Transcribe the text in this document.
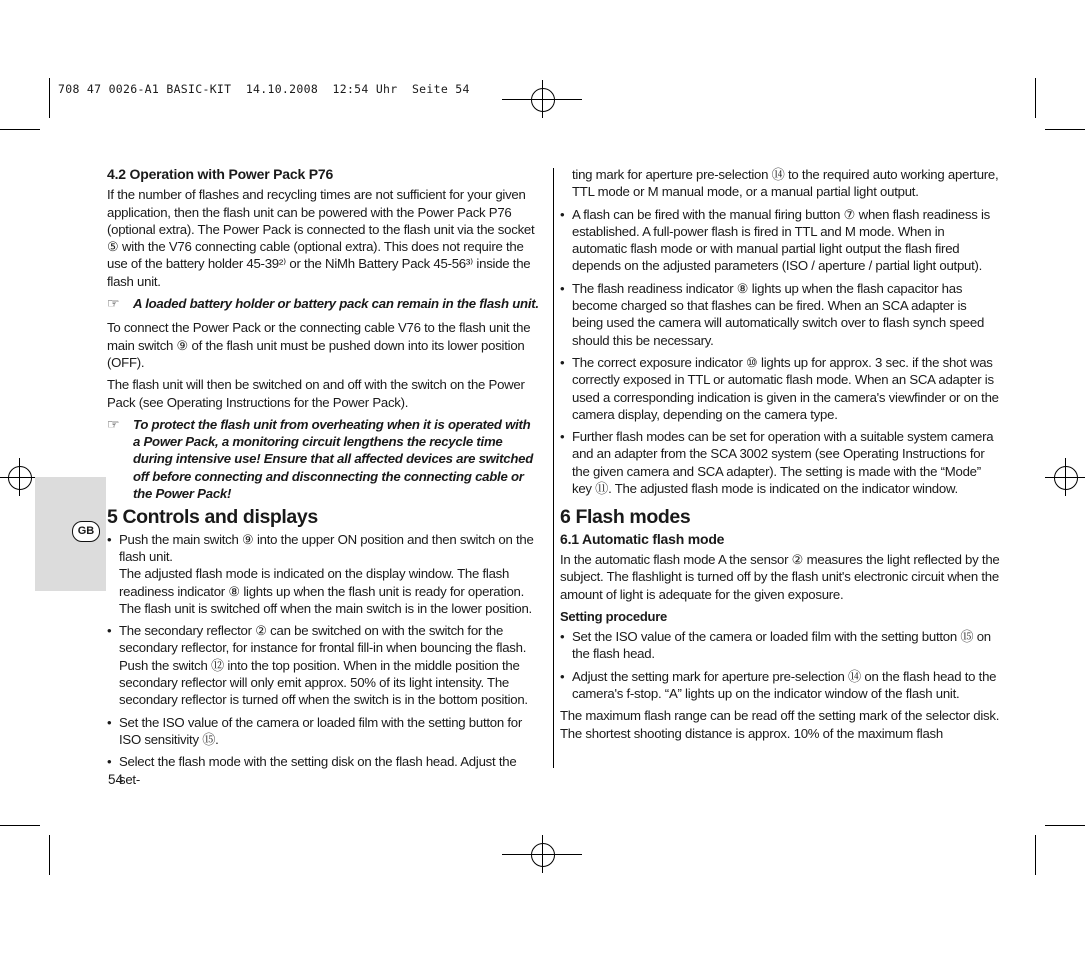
708 47 0026-A1 BASIC-KIT  14.10.2008  12:54 Uhr  Seite 54
GB
4.2 Operation with Power Pack P76

If the number of flashes and recycling times are not sufficient for your given application, then the flash unit can be powered with the Power Pack P76 (optional extra). The Power Pack is connected to the flash unit via the socket ⑤ with the V76 connecting cable (optional extra). This does not require the use of the battery holder 45-39²⁾ or the NiMh Battery Pack 45-56³⁾ inside the flash unit.

☞ A loaded battery holder or battery pack can remain in the flash unit.

To connect the Power Pack or the connecting cable V76 to the flash unit the main switch ⑨ of the flash unit must be pushed down into its lower position (OFF).

The flash unit will then be switched on and off with the switch on the Power Pack (see Operating Instructions for the Power Pack).

☞ To protect the flash unit from overheating when it is operated with a Power Pack, a monitoring circuit lengthens the recycle time during intensive use! Ensure that all affected devices are switched off before connecting and disconnecting the connecting cable or the Power Pack!
5 Controls and displays
• Push the main switch ⑨ into the upper ON position and then switch on the flash unit.
The adjusted flash mode is indicated on the display window. The flash readiness indicator ⑧ lights up when the flash unit is ready for operation. The flash unit is switched off when the main switch is in the lower position.
• The secondary reflector ② can be switched on with the switch for the secondary reflector, for instance for frontal fill-in when bouncing the flash. Push the switch ⑫ into the top position. When in the middle position the secondary reflector will only emit approx. 50% of its light intensity. The secondary reflector is turned off when the switch is in the bottom position.
• Set the ISO value of the camera or loaded film with the setting button for ISO sensitivity ⑮.
• Select the flash mode with the setting disk on the flash head. Adjust the set-
ting mark for aperture pre-selection ⑭ to the required auto working aperture, TTL mode or M manual mode, or a manual partial light output.
• A flash can be fired with the manual firing button ⑦ when flash readiness is established. A full-power flash is fired in TTL and M mode. When in automatic flash mode or with manual partial light output the flash fired depends on the adjusted parameters (ISO / aperture / partial light output).
• The flash readiness indicator ⑧ lights up when the flash capacitor has become charged so that flashes can be fired. When an SCA adapter is being used the camera will automatically switch over to flash synch speed should this be necessary.
• The correct exposure indicator ⑩ lights up for approx. 3 sec. if the shot was correctly exposed in TTL or automatic flash mode. When an SCA adapter is used a corresponding indication is given in the camera's viewfinder or on the camera display, depending on the camera type.
• Further flash modes can be set for operation with a suitable system camera and an adapter from the SCA 3002 system (see Operating Instructions for the given camera and SCA adapter). The setting is made with the “Mode” key ⑪. The adjusted flash mode is indicated on the indicator window.
6 Flash modes
6.1 Automatic flash mode

In the automatic flash mode A the sensor ② measures the light reflected by the subject. The flashlight is turned off by the flash unit's electronic circuit when the amount of light is adequate for the given exposure.

Setting procedure
• Set the ISO value of the camera or loaded film with the setting button ⑮ on the flash head.
• Adjust the setting mark for aperture pre-selection ⑭ on the flash head to the camera's f-stop. “A” lights up on the indicator window of the flash unit.

The maximum flash range can be read off the setting mark of the selector disk. The shortest shooting distance is approx. 10% of the maximum flash

54
